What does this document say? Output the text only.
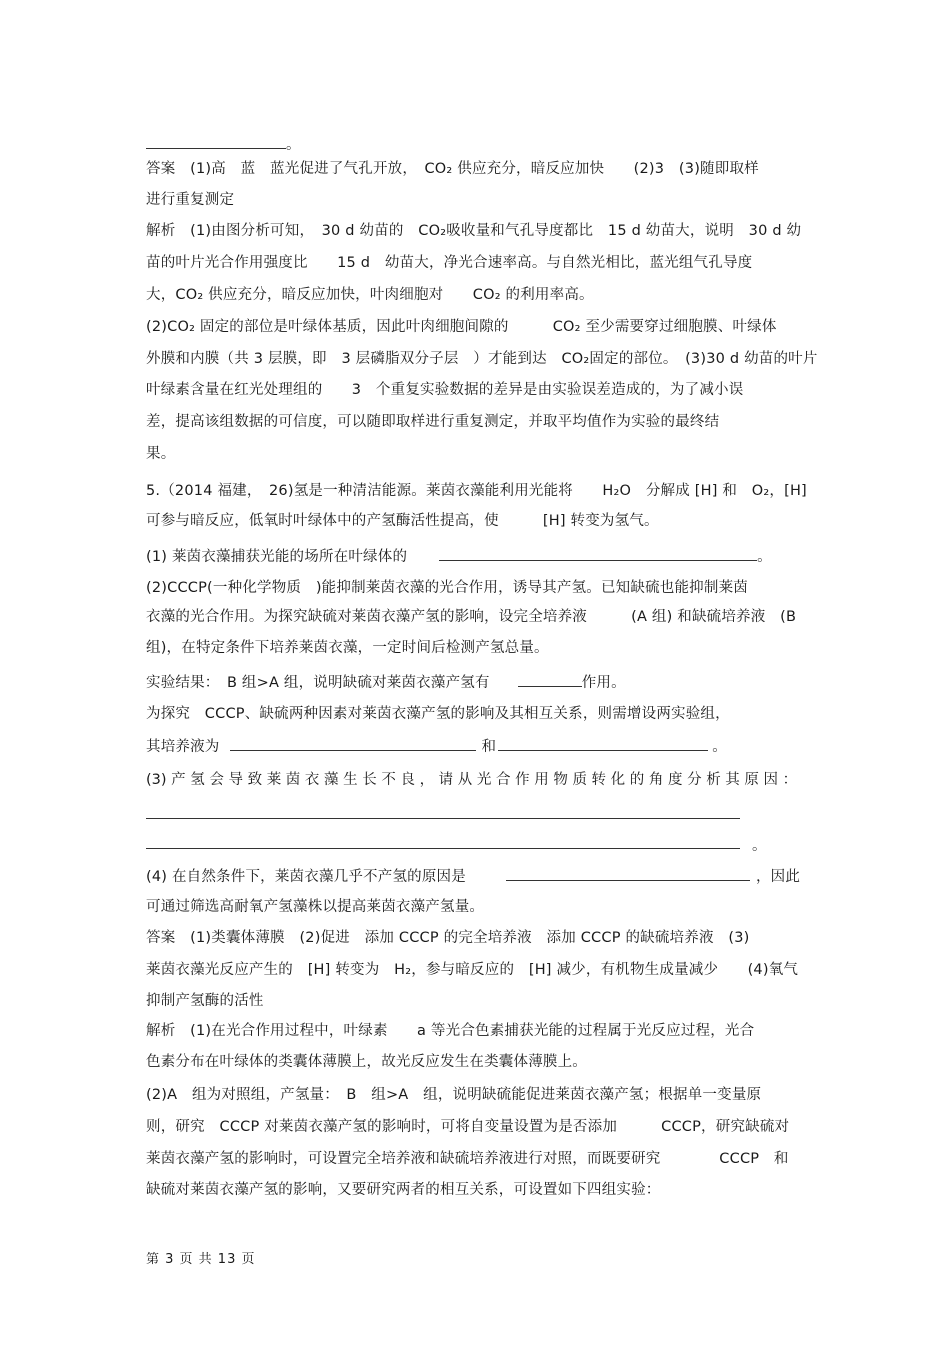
。
答案　(1)高　蓝　蓝光促进了气孔开放，　CO₂ 供应充分，暗反应加快　　(2)3　(3)随即取样
进行重复测定
解析　(1)由图分析可知，　30 d 幼苗的　CO₂吸收量和气孔导度都比　15 d 幼苗大，说明　30 d 幼
苗的叶片光合作用强度比　　15 d　幼苗大，净光合速率高。与自然光相比，蓝光组气孔导度
大，CO₂ 供应充分，暗反应加快，叶肉细胞对　　CO₂ 的利用率高。
(2)CO₂ 固定的部位是叶绿体基质，因此叶肉细胞间隙的　　　CO₂ 至少需要穿过细胞膜、叶绿体
外膜和内膜（共 3 层膜，即　3 层磷脂双分子层　）才能到达　CO₂固定的部位。　(3)30 d 幼苗的叶片
叶绿素含量在红光处理组的　　3　个重复实验数据的差异是由实验误差造成的，为了减小误
差，提高该组数据的可信度，可以随即取样进行重复测定，并取平均值作为实验的最终结
果。
5.（2014 福建，　26)氢是一种清洁能源。莱茵衣藻能利用光能将　　H₂O　分解成 [H] 和　O₂，[H]
可参与暗反应，低氧时叶绿体中的产氢酶活性提高，使　　　[H] 转变为氢气。
(1) 莱茵衣藻捕获光能的场所在叶绿体的	。
(2)CCCP(一种化学物质　)能抑制莱茵衣藻的光合作用，诱导其产氢。已知缺硫也能抑制莱茵
衣藻的光合作用。为探究缺硫对莱茵衣藻产氢的影响，设完全培养液　　　(A 组) 和缺硫培养液　(B
组)，在特定条件下培养莱茵衣藻，一定时间后检测产氢总量。
实验结果：　B 组>A 组，说明缺硫对莱茵衣藻产氢有	作用。
为探究　CCCP、缺硫两种因素对莱茵衣藻产氢的影响及其相互关系，则需增设两实验组，
其培养液为	和	。
(3) 产 氢 会 导 致 莱 茵 衣 藻 生 长 不 良 ， 请 从 光 合 作 用 物 质 转 化 的 角 度 分 析 其 原 因 ：
。
(4) 在自然条件下，莱茵衣藻几乎不产氢的原因是	，因此
可通过筛选高耐氧产氢藻株以提高莱茵衣藻产氢量。
答案　(1)类囊体薄膜　(2)促进　添加 CCCP 的完全培养液　添加 CCCP 的缺硫培养液　(3)
莱茵衣藻光反应产生的　[H] 转变为　H₂，参与暗反应的　[H] 减少，有机物生成量减少　　(4)氧气
抑制产氢酶的活性
解析　(1)在光合作用过程中，叶绿素　　a 等光合色素捕获光能的过程属于光反应过程，光合
色素分布在叶绿体的类囊体薄膜上，故光反应发生在类囊体薄膜上。
(2)A　组为对照组，产氢量：　B　组>A　组，说明缺硫能促进莱茵衣藻产氢；根据单一变量原
则，研究　CCCP 对莱茵衣藻产氢的影响时，可将自变量设置为是否添加　　　CCCP，研究缺硫对
莱茵衣藻产氢的影响时，可设置完全培养液和缺硫培养液进行对照，而既要研究　　　　CCCP　和
缺硫对莱茵衣藻产氢的影响，又要研究两者的相互关系，可设置如下四组实验：
第 3 页 共 13 页
